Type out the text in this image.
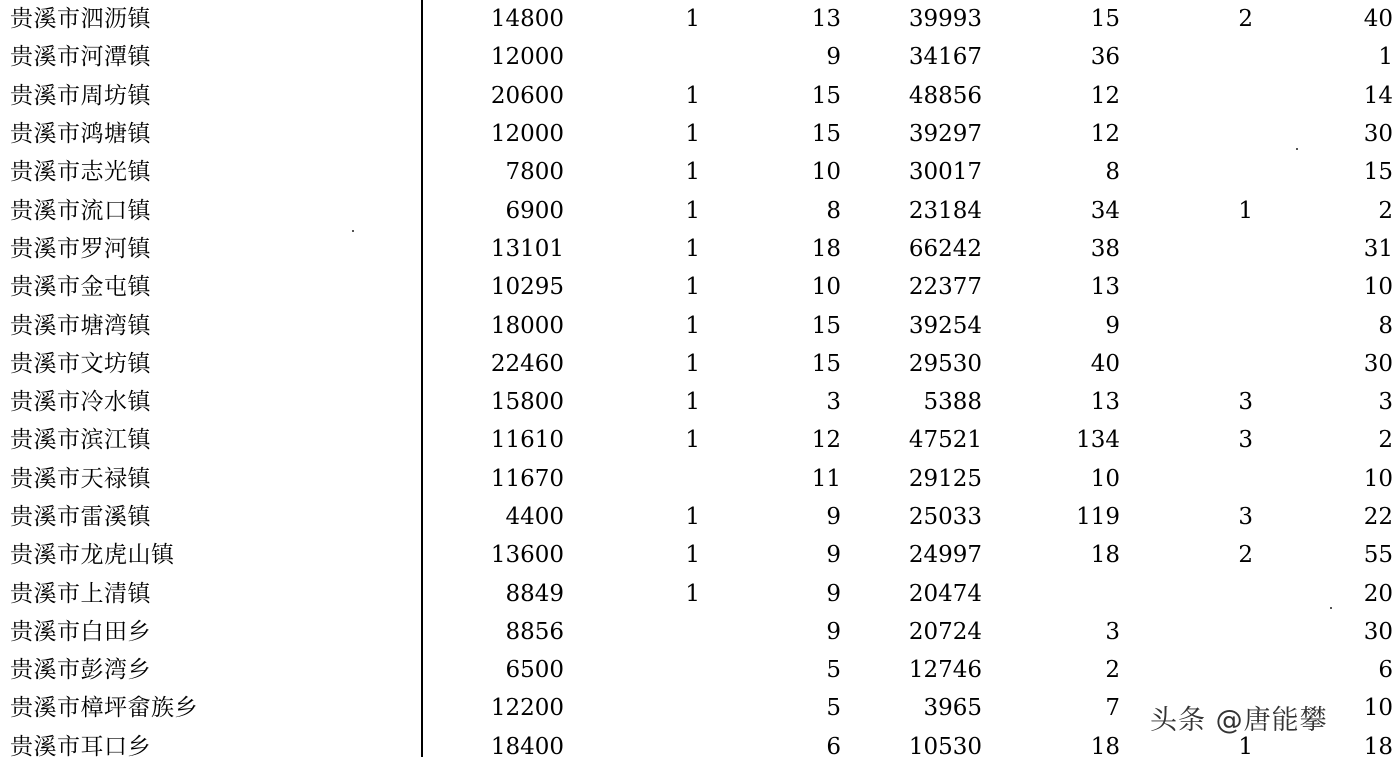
贵溪市泗沥镇	14800	1	13	39993	15	2	40
贵溪市河潭镇	12000		9	34167	36		1
贵溪市周坊镇	20600	1	15	48856	12		14
贵溪市鸿塘镇	12000	1	15	39297	12		30
贵溪市志光镇	7800	1	10	30017	8		15
贵溪市流口镇	6900	1	8	23184	34	1	2
贵溪市罗河镇	13101	1	18	66242	38		31
贵溪市金屯镇	10295	1	10	22377	13		10
贵溪市塘湾镇	18000	1	15	39254	9		8
贵溪市文坊镇	22460	1	15	29530	40		30
贵溪市冷水镇	15800	1	3	5388	13	3	3
贵溪市滨江镇	11610	1	12	47521	134	3	2
贵溪市天禄镇	11670		11	29125	10		10
贵溪市雷溪镇	4400	1	9	25033	119	3	22
贵溪市龙虎山镇	13600	1	9	24997	18	2	55
贵溪市上清镇	8849	1	9	20474			20
贵溪市白田乡	8856		9	20724	3		30
贵溪市彭湾乡	6500		5	12746	2		6
贵溪市樟坪畲族乡	12200		5	3965	7		10
贵溪市耳口乡	18400		6	10530	18	1	18
头条 @唐能攀
